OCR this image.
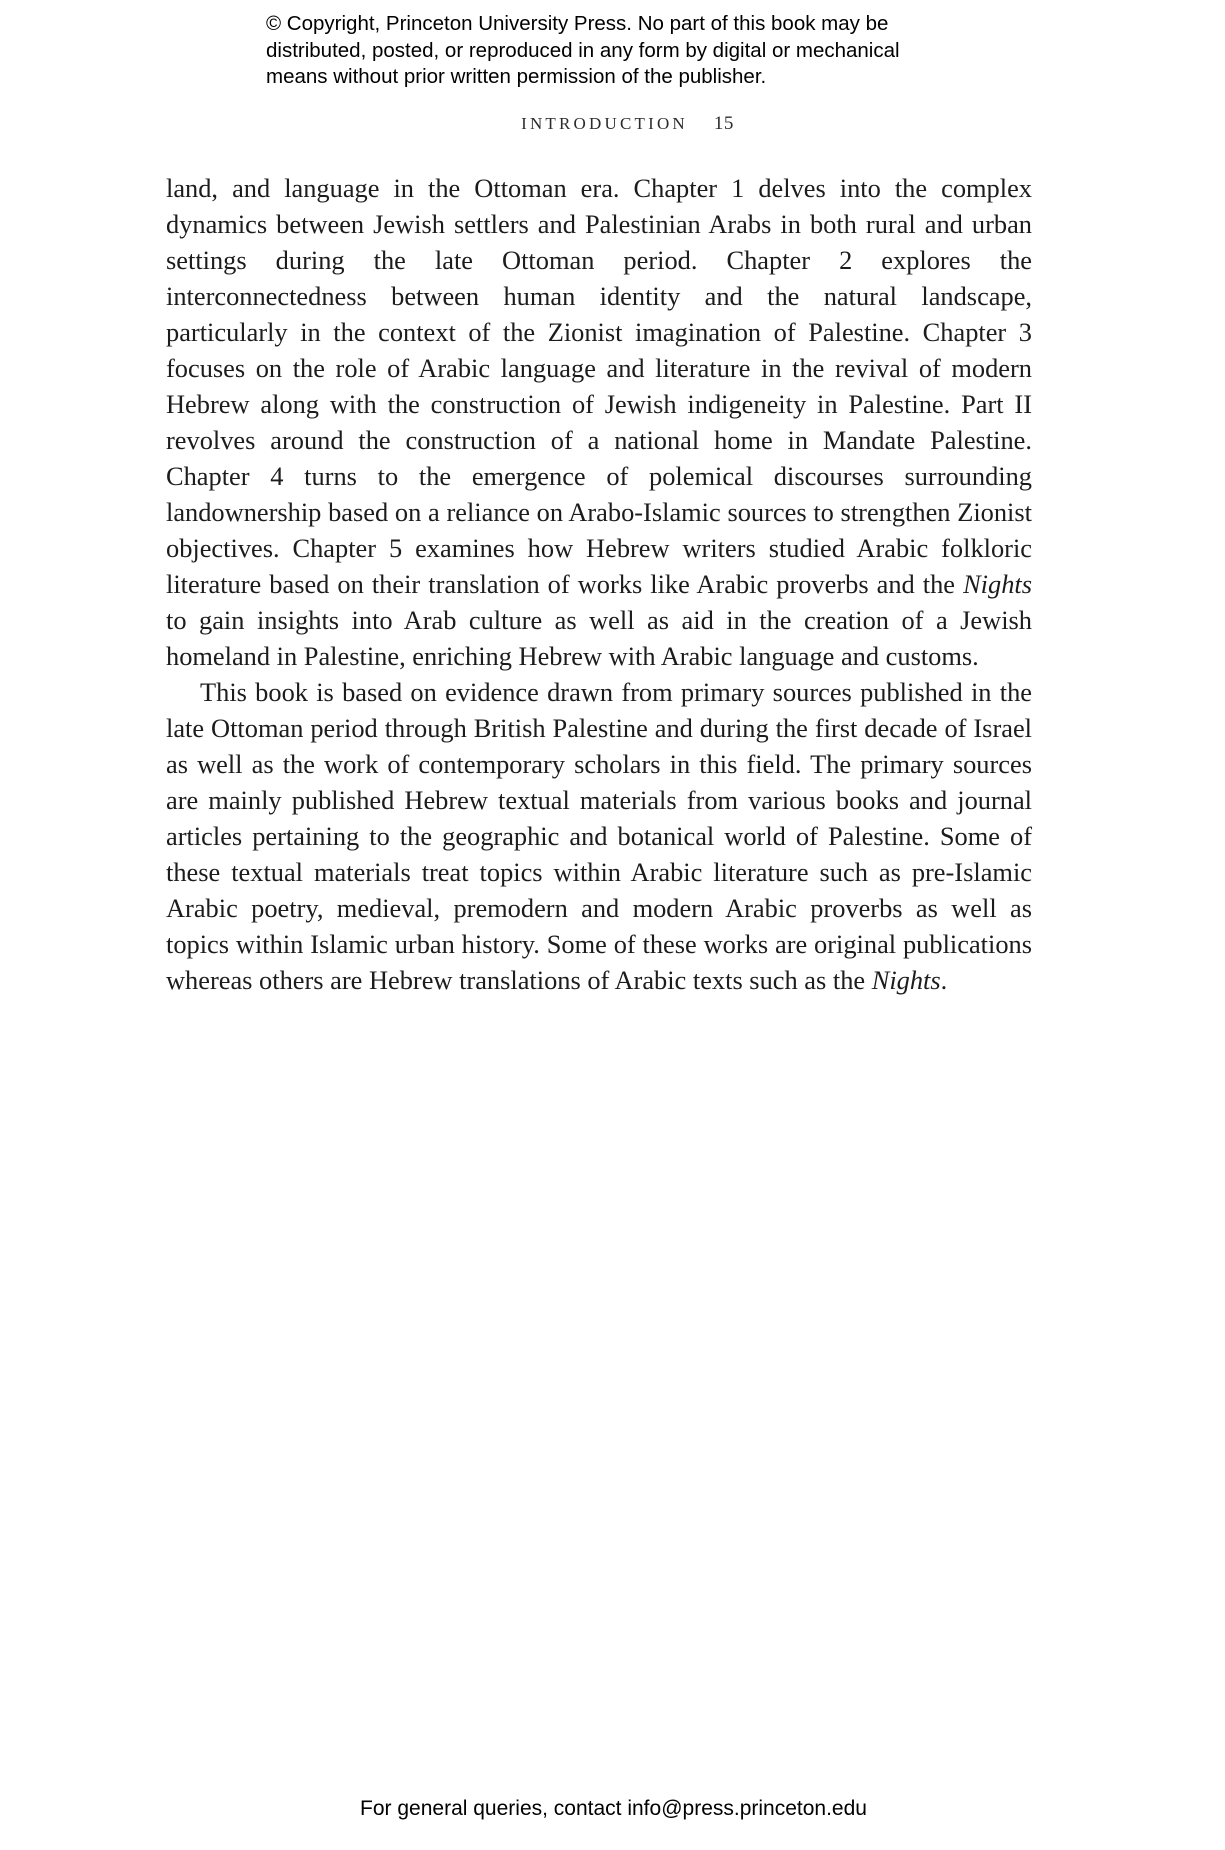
© Copyright, Princeton University Press. No part of this book may be
distributed, posted, or reproduced in any form by digital or mechanical
means without prior written permission of the publisher.
INTRODUCTION 15

land, and language in the Ottoman era. Chapter 1 delves into the complex dynamics between Jewish settlers and Palestinian Arabs in both rural and urban settings during the late Ottoman period. Chapter 2 explores the interconnectedness between human identity and the natural landscape, particularly in the context of the Zionist imagination of Palestine. Chapter 3 focuses on the role of Arabic language and literature in the revival of modern Hebrew along with the construction of Jewish indigeneity in Palestine. Part II revolves around the construction of a national home in Mandate Palestine. Chapter 4 turns to the emergence of polemical discourses surrounding landownership based on a reliance on Arabo-Islamic sources to strengthen Zionist objectives. Chapter 5 examines how Hebrew writers studied Arabic folkloric literature based on their translation of works like Arabic proverbs and the Nights to gain insights into Arab culture as well as aid in the creation of a Jewish homeland in Palestine, enriching Hebrew with Arabic language and customs.

This book is based on evidence drawn from primary sources published in the late Ottoman period through British Palestine and during the first decade of Israel as well as the work of contemporary scholars in this field. The primary sources are mainly published Hebrew textual materials from various books and journal articles pertaining to the geographic and botanical world of Palestine. Some of these textual materials treat topics within Arabic literature such as pre-Islamic Arabic poetry, medieval, premodern and modern Arabic proverbs as well as topics within Islamic urban history. Some of these works are original publications whereas others are Hebrew translations of Arabic texts such as the Nights.

For general queries, contact info@press.princeton.edu
